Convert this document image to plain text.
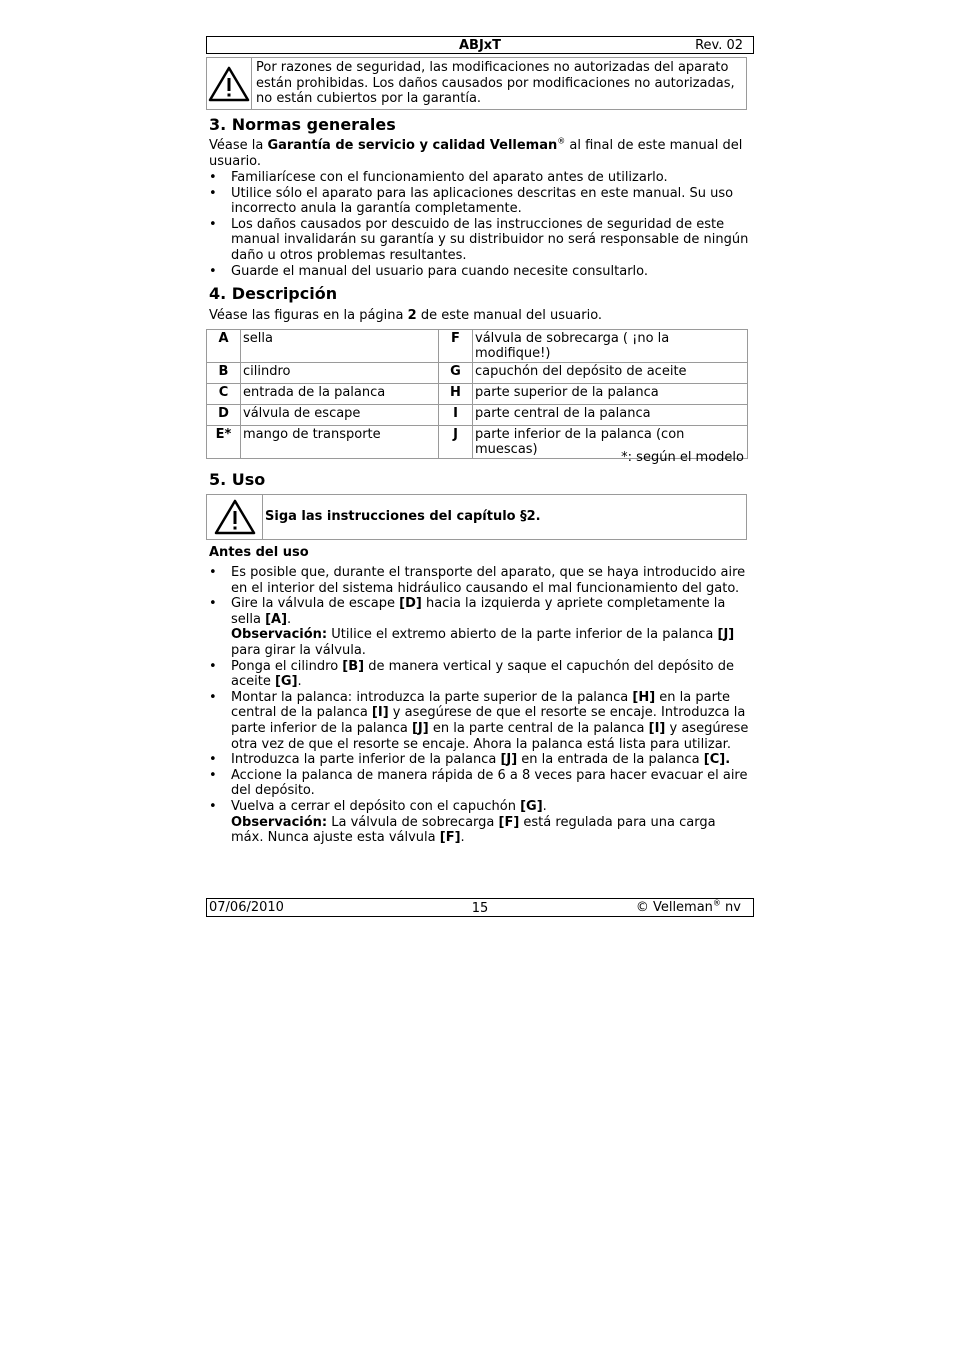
ABJxT	Rev. 02
Por razones de seguridad, las modificaciones no autorizadas del aparato están prohibidas. Los daños causados por modificaciones no autorizadas, no están cubiertos por la garantía.
3. Normas generales

Véase la Garantía de servicio y calidad Velleman® al final de este manual del usuario.

• Familiarícese con el funcionamiento del aparato antes de utilizarlo.
• Utilice sólo el aparato para las aplicaciones descritas en este manual. Su uso incorrecto anula la garantía completamente.
• Los daños causados por descuido de las instrucciones de seguridad de este manual invalidarán su garantía y su distribuidor no será responsable de ningún daño u otros problemas resultantes.
• Guarde el manual del usuario para cuando necesite consultarlo.
4. Descripción

Véase las figuras en la página 2 de este manual del usuario.

A	sella	F	válvula de sobrecarga ( ¡no la modifique!)
B	cilindro	G	capuchón del depósito de aceite
C	entrada de la palanca	H	parte superior de la palanca
D	válvula de escape	I	parte central de la palanca
E*	mango de transporte	J	parte inferior de la palanca (con muescas)
*: según el modelo
5. Uso
Siga las instrucciones del capítulo §2.
Antes del uso
• Es posible que, durante el transporte del aparato, que se haya introducido aire en el interior del sistema hidráulico causando el mal funcionamiento del gato.
• Gire la válvula de escape [D] hacia la izquierda y apriete completamente la sella [A].
Observación: Utilice el extremo abierto de la parte inferior de la palanca [J] para girar la válvula.
• Ponga el cilindro [B] de manera vertical y saque el capuchón del depósito de aceite [G].
• Montar la palanca: introduzca la parte superior de la palanca [H] en la parte central de la palanca [I] y asegúrese de que el resorte se encaje. Introduzca la parte inferior de la palanca [J] en la parte central de la palanca [I] y asegúrese otra vez de que el resorte se encaje. Ahora la palanca está lista para utilizar.
• Introduzca la parte inferior de la palanca [J] en la entrada de la palanca [C].
• Accione la palanca de manera rápida de 6 a 8 veces para hacer evacuar el aire del depósito.
• Vuelva a cerrar el depósito con el capuchón [G].
Observación: La válvula de sobrecarga [F] está regulada para una carga máx. Nunca ajuste esta válvula [F].
07/06/2010	15	© Velleman® nv
